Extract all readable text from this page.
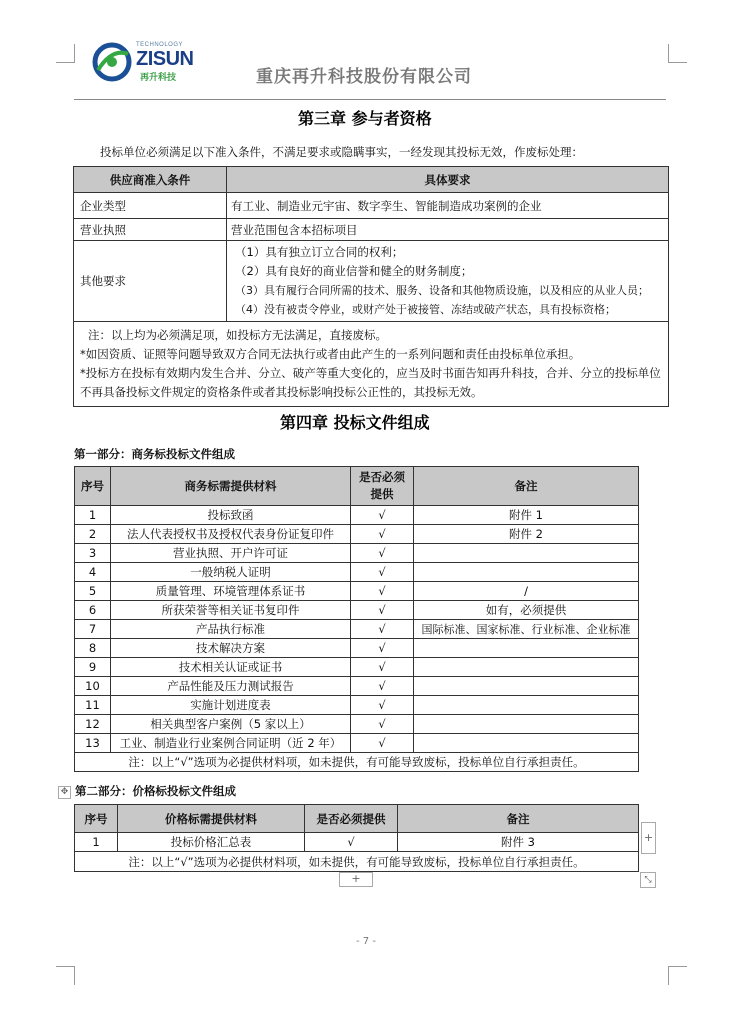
TECHNOLOGY
ZISUN
再升科技	重庆再升科技股份有限公司
第三章 参与者资格
投标单位必须满足以下准入条件，不满足要求或隐瞒事实，一经发现其投标无效，作废标处理：
供应商准入条件	具体要求
企业类型	有工业、制造业元宇宙、数字孪生、智能制造成功案例的企业
营业执照	营业范围包含本招标项目
其他要求	（1）具有独立订立合同的权利；
（2）具有良好的商业信誉和健全的财务制度；
（3）具有履行合同所需的技术、服务、设备和其他物质设施，以及相应的从业人员；
（4）没有被责令停业，或财产处于被接管、冻结或破产状态，具有投标资格；

注：以上均为必须满足项，如投标方无法满足，直接废标。
*如因资质、证照等问题导致双方合同无法执行或者由此产生的一系列问题和责任由投标单位承担。
*投标方在投标有效期内发生合并、分立、破产等重大变化的，应当及时书面告知再升科技，合并、分立的投标单位不再具备投标文件规定的资格条件或者其投标影响投标公正性的，其投标无效。	
第四章 投标文件组成
第一部分：商务标投标文件组成
序号	商务标需提供材料	是否必须提供	备注
1	投标致函	√	附件 1
2	法人代表授权书及授权代表身份证复印件	√	附件 2
3	营业执照、开户许可证	√	
4	一般纳税人证明	√	
5	质量管理、环境管理体系证书	√	/
6	所获荣誉等相关证书复印件	√	如有，必须提供
7	产品执行标准	√	国际标准、国家标准、行业标准、企业标准
8	技术解决方案	√	
9	技术相关认证或证书	√	
10	产品性能及压力测试报告	√	
11	实施计划进度表	√	
12	相关典型客户案例（5 家以上）	√	
13	工业、制造业行业案例合同证明（近 2 年）	√	
注：以上“√”选项为必提供材料项，如未提供，有可能导致废标，投标单位自行承担责任。			
✥ 第二部分：价格标投标文件组成
序号	价格标需提供材料	是否必须提供	备注
1	投标价格汇总表	√	附件 3
注：以上“√”选项为必提供材料项，如未提供，有可能导致废标，投标单位自行承担责任。			
+
+	⤡
- 7 -
